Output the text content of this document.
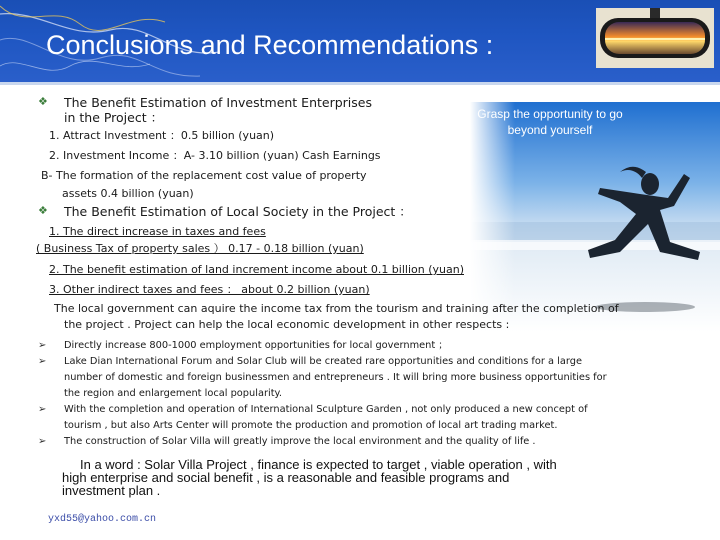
Conclusions and Recommendations :
Grasp the opportunity to go beyond yourself
❖ The Benefit Estimation of Investment Enterprises
in the Project ：
1. Attract Investment ：0.5 billion (yuan)
2. Investment Income ：A- 3.10 billion (yuan) Cash Earnings
B- The formation of the replacement cost value of property
assets 0.4 billion (yuan)
❖ The Benefit Estimation of Local Society in the Project ：
1. The direct increase in taxes and fees
( Business Tax of property sales ） 0.17 - 0.18 billion (yuan)
2. The benefit estimation of land increment income about 0.1 billion (yuan)
3. Other indirect taxes and fees ： about 0.2 billion (yuan)
The local government can aquire the income tax from the tourism and training after the completion of
the project . Project can help the local economic development in other respects :
➢ Directly increase 800-1000 employment opportunities for local government ；
➢ Lake Dian International Forum and Solar Club will be created rare opportunities and conditions for a large
number of domestic and foreign businessmen and entrepreneurs . It will bring more business opportunities for
the region and enlargement local popularity.
➢ With the completion and operation of International Sculpture Garden , not only produced a new concept of
tourism , but also Arts Center will promote the production and promotion of local art trading market.
➢ The construction of Solar Villa will greatly improve the local environment and the quality of life .
In a word : Solar Villa Project , finance is expected to target , viable operation , with
high enterprise and social benefit , is a reasonable and feasible programs and
investment plan .
yxd55@yahoo.com.cn
